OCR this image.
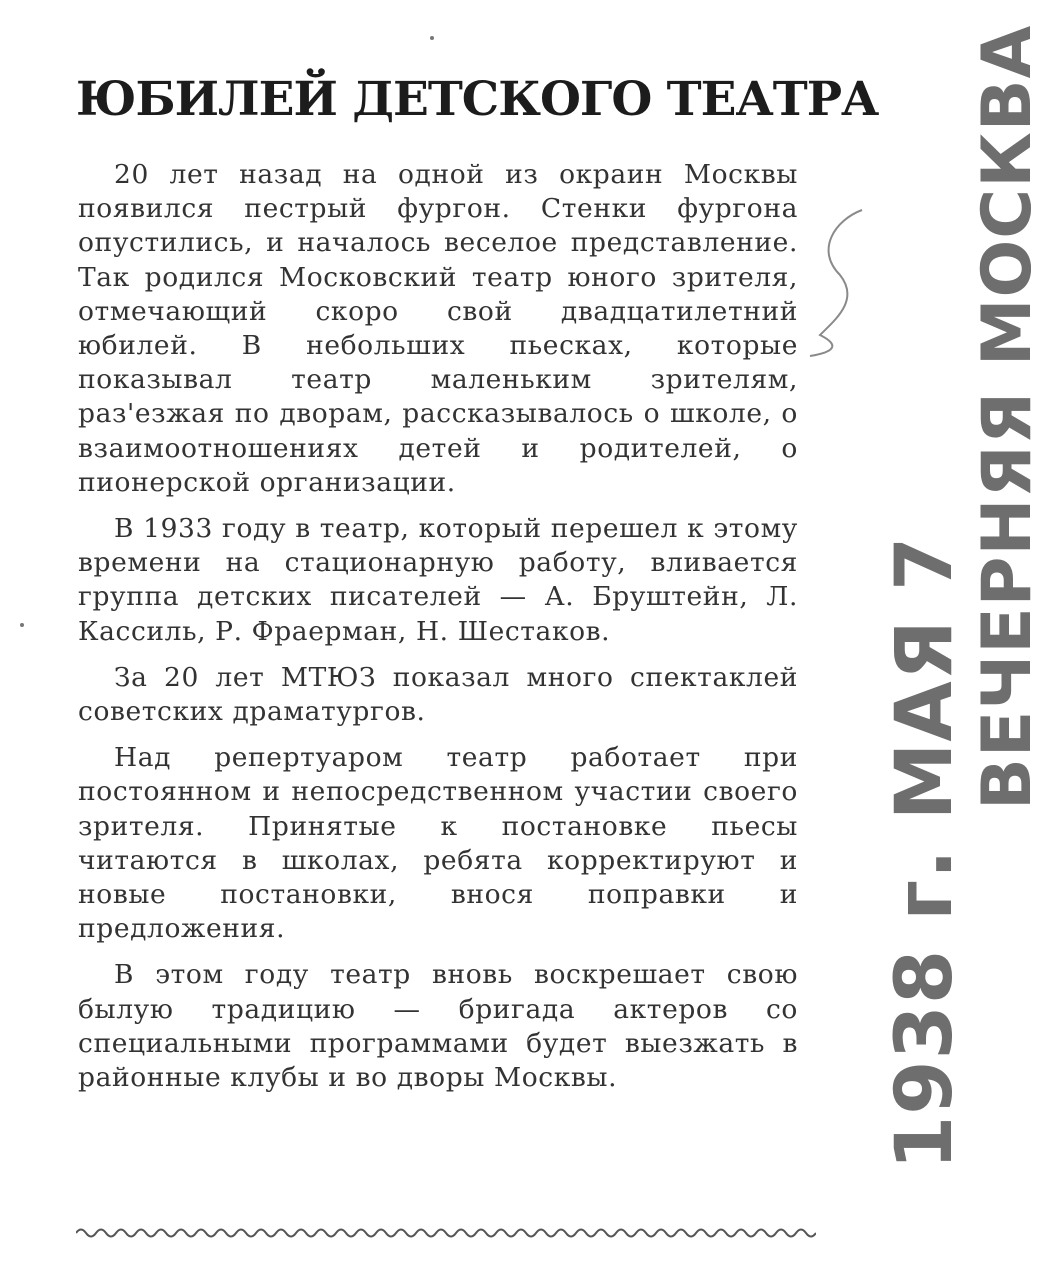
ЮБИЛЕЙ ДЕТСКОГО ТЕАТРА

20 лет назад на одной из окраин Москвы появился пестрый фургон. Стенки фургона опустились, и началось веселое представление. Так родился Московский театр юного зрителя, отмечающий скоро свой двадцатилетний юбилей. В небольших пьесках, которые показывал театр маленьким зрителям, раз'езжая по дворам, рассказывалось о школе, о взаимоотношениях детей и родителей, о пионерской организации.

В 1933 году в театр, который перешел к этому времени на стационарную работу, вливается группа детских писателей — А. Бруштейн, Л. Кассиль, Р. Фраерман, Н. Шестаков.

За 20 лет МТЮЗ показал много спектаклей советских драматургов.

Над репертуаром театр работает при постоянном и непосредственном участии своего зрителя. Принятые к постановке пьесы читаются в школах, ребята корректируют и новые постановки, внося поправки и предложения.

В этом году театр вновь воскрешает свою былую традицию — бригада актеров со специальными программами будет выезжать в районные клубы и во дворы Москвы.	1938 г. МАЯ 7
ВЕЧЕРНЯЯ МОСКВА
